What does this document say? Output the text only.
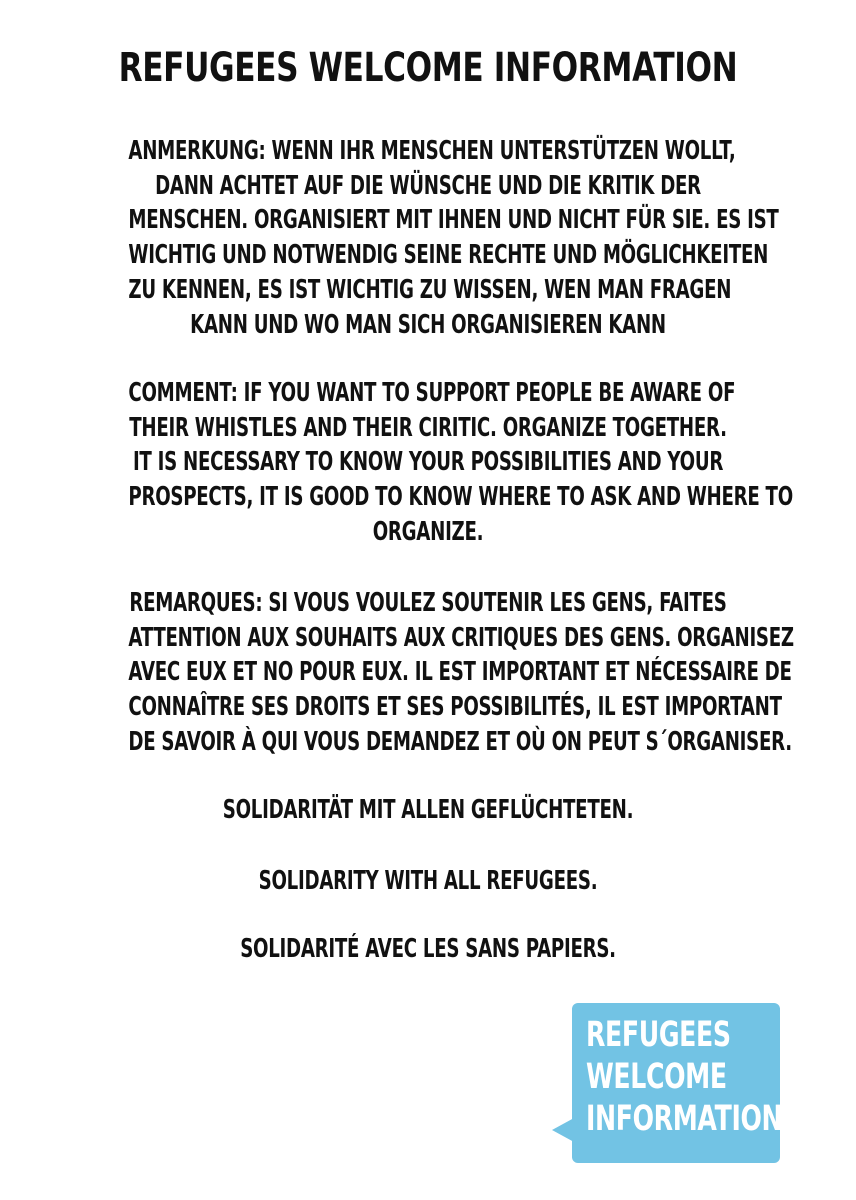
REFUGEES WELCOME INFORMATION
ANMERKUNG: WENN IHR MENSCHEN UNTERSTÜTZEN WOLLT,
DANN ACHTET AUF DIE WÜNSCHE UND DIE KRITIK DER
MENSCHEN. ORGANISIERT MIT IHNEN UND NICHT FÜR SIE. ES IST
WICHTIG UND NOTWENDIG SEINE RECHTE UND MÖGLICHKEITEN
ZU KENNEN, ES IST WICHTIG ZU WISSEN, WEN MAN FRAGEN
KANN UND WO MAN SICH ORGANISIEREN KANN
COMMENT: IF YOU WANT TO SUPPORT PEOPLE BE AWARE OF
THEIR WHISTLES AND THEIR CIRITIC. ORGANIZE TOGETHER.
IT IS NECESSARY TO KNOW YOUR POSSIBILITIES AND YOUR
PROSPECTS, IT IS GOOD TO KNOW WHERE TO ASK AND WHERE TO
ORGANIZE.
REMARQUES: SI VOUS VOULEZ SOUTENIR LES GENS, FAITES
ATTENTION AUX SOUHAITS AUX CRITIQUES DES GENS. ORGANISEZ
AVEC EUX ET NO POUR EUX. IL EST IMPORTANT ET NÉCESSAIRE DE
CONNAÎTRE SES DROITS ET SES POSSIBILITÉS, IL EST IMPORTANT
DE SAVOIR À QUI VOUS DEMANDEZ ET OÙ ON PEUT S´ORGANISER.
SOLIDARITÄT MIT ALLEN GEFLÜCHTETEN.
SOLIDARITY WITH ALL REFUGEES.
SOLIDARITÉ AVEC LES SANS PAPIERS.
REFUGEES
WELCOME
INFORMATION
